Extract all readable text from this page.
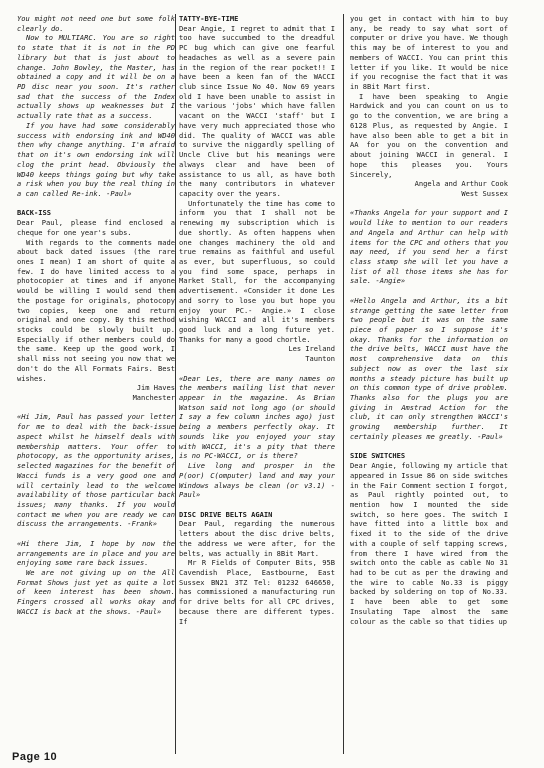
You might not need one but some folk clearly do.

Now to MULTIARC. You are so right to state that it is not in the PD library but that is just about to change. John Bowley, the Master, has obtained a copy and it will be on a PD disc near you soon. It's rather sad that the success of the Index actually shows up weaknesses but I actually rate that as a success.

If you have had some considerably success with endorsing ink and WD40 then why change anything. I'm afraid that on it's own endorsing ink will clog the print head. Obviously the WD40 keeps things going but why take a risk when you buy the real thing in a can called Re-ink. -Paul»

BACK-ISS

Dear Paul, please find enclosed a cheque for one year's subs.

With regards to the comments made about back dated issues (the rare ones I mean) I am short of quite a few. I do have limited access to a photocopier at times and if anyone would be willing I would send them the postage for originals, photocopy two copies, keep one and return original and one copy. By this method stocks could be slowly built up. Especially if other members could do the same. Keep up the good work, I shall miss not seeing you now that we don't do the All Formats Fairs. Best wishes.

Jim Haves
Manchester

«Hi Jim, Paul has passed your letter for me to deal with the back-issue aspect whilst he himself deals with membership matters. Your offer to photocopy, as the opportunity arises, selected magazines for the benefit of Wacci funds is a very good one and will certainly lead to the welcome availability of those particular back issues; many thanks. If you would contact me when you are ready we can discuss the arrangements. -Frank»

«Hi there Jim, I hope by now the arrangements are in place and you are enjoying some rare back issues.

We are not giving up on the All Format Shows just yet as quite a lot of keen interest has been shown. Fingers crossed all works okay and WACCI is back at the shows. -Paul»

TATTY-BYE-TIME

Dear Angie, I regret to admit that I too have succumbed to the dreadful PC bug which can give one fearful headaches as well as a severe pain in the region of the rear pocket!! I have been a keen fan of the WACCI club since Issue No 40. Now 69 years old I have been unable to assist in the various 'jobs' which have fallen vacant on the WACCI 'staff' but I have very much appreciated those who did. The quality of WACCI was able to survive the niggardly spelling of Uncle Clive but his meanings were always clear and have been of assistance to us all, as have both the many contributors in whatever capacity over the years.

Unfortunately the time has come to inform you that I shall not be renewing my subscription which is due shortly. As often happens when one changes machinery the old and true remains as faithful and useful as ever, but superfluous, so could you find some space, perhaps in Market Stall, for the accompanying advertisement. «Consider it done Les and sorry to lose you but hope you enjoy your PC.- Angie.» I close wishing WACCI and all it's members good luck and a long future yet. Thanks for many a good chortle.

Les Ireland
Taunton

«Dear Les, there are many names on the members mailing list that never appear in the magazine. As Brian Watson said not long ago (or should I say a few column inches ago) just being a members perfectly okay. It sounds like you enjoyed your stay with WACCI, it's a pity that there is no PC-WACCI, or is there?

Live long and prosper in the P(oor) C(omputer) land and may your Windows always be clean (or v3.1) -Paul»

DISC DRIVE BELTS AGAIN

Dear Paul, regarding the numerous letters about the disc drive belts, the address we were after, for the belts, was actually in 8Bit Mart.

Mr R Fields of Computer Bits, 95B Cavendish Place, Eastbourne, East Sussex BN21 3TZ Tel: 01232 646650, has commissioned a manufacturing run for drive belts for all CPC drives, because there are different types. If

you get in contact with him to buy any, be ready to say what sort of computer or drive you have. We though this may be of interest to you and members of WACCI. You can print this letter if you like. It would be nice if you recognise the fact that it was in 8Bit Mart first.

I have been speaking to Angie Hardwick and you can count on us to go to the convention, we are bring a 6128 Plus, as requested by Angie. I have also been able to get a bit in AA for you on the convention and about joining WACCI in general. I hope this pleases you. Yours Sincerely,

Angela and Arthur Cook
West Sussex

«Thanks Angela for your support and I would like to mention to our readers and Angela and Arthur can help with items for the CPC and others that you may need, if you send her a first class stamp she will let you have a list of all those items she has for sale. -Angie»

«Hello Angela and Arthur, its a bit strange getting the same letter from two people but it was on the same piece of paper so I suppose it's okay. Thanks for the information on the drive belts, WACCI must have the most comprehensive data on this subject now as over the last six months a steady picture has built up on this common type of drive problem. Thanks also for the plugs you are giving in Amstrad Action for the club, it can only strengthen WACCI's growing membership further. It certainly pleases me greatly. -Paul»

SIDE SWITCHES

Dear Angie, following my article that appeared in Issue 86 on side switches in the Fair Comment section I forgot, as Paul rightly pointed out, to mention how I mounted the side switch, so here goes. The switch I have fitted into a little box and fixed it to the side of the drive with a couple of self tapping screws, from there I have wired from the switch onto the cable as cable No 31 had to be cut as per the drawing and the wire to cable No.33 is piggy backed by soldering on top of No.33. I have been able to get some Insulating Tape almost the same colour as the cable so that tidies up

Page 10
